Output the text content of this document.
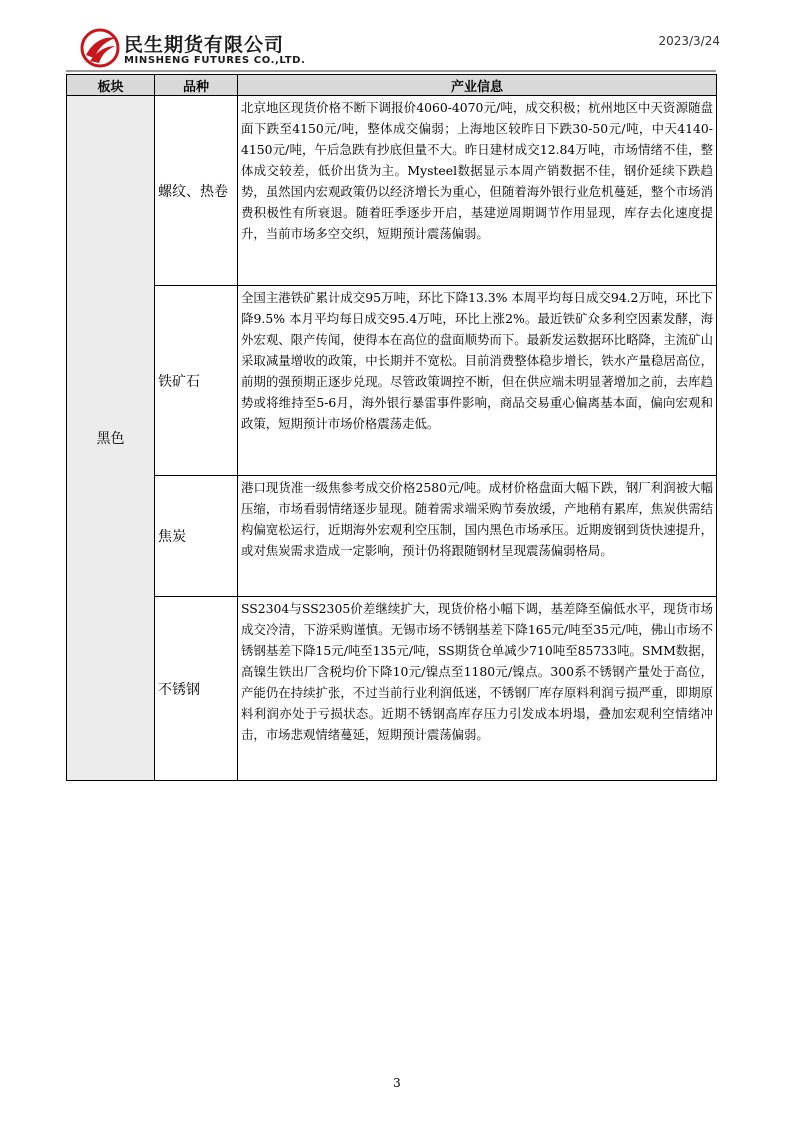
民生期货有限公司
MINSHENG FUTURES CO.,LTD.
2023/3/24
板块	品种	产业信息
黑色	螺纹、热卷	北京地区现货价格不断下调报价4060-4070元/吨，成交积极；杭州地区中天资源随盘面下跌至4150元/吨，整体成交偏弱；上海地区较昨日下跌30-50元/吨，中天4140-4150元/吨，午后急跌有抄底但量不大。昨日建材成交12.84万吨，市场情绪不佳，整体成交较差，低价出货为主。Mysteel数据显示本周产销数据不佳，钢价延续下跌趋势，虽然国内宏观政策仍以经济增长为重心，但随着海外银行业危机蔓延，整个市场消费积极性有所衰退。随着旺季逐步开启，基建逆周期调节作用显现，库存去化速度提升，当前市场多空交织，短期预计震荡偏弱。
	铁矿石	全国主港铁矿累计成交95万吨，环比下降13.3% 本周平均每日成交94.2万吨，环比下降9.5% 本月平均每日成交95.4万吨，环比上涨2%。最近铁矿众多利空因素发酵，海外宏观、限产传闻，使得本在高位的盘面顺势而下。最新发运数据环比略降，主流矿山采取减量增收的政策，中长期并不宽松。目前消费整体稳步增长，铁水产量稳居高位，前期的强预期正逐步兑现。尽管政策调控不断，但在供应端未明显著增加之前，去库趋势或将维持至5-6月，海外银行暴雷事件影响，商品交易重心偏离基本面，偏向宏观和政策，短期预计市场价格震荡走低。
	焦炭	港口现货准一级焦参考成交价格2580元/吨。成材价格盘面大幅下跌，钢厂利润被大幅压缩，市场看弱情绪逐步显现。随着需求端采购节奏放缓，产地稍有累库，焦炭供需结构偏宽松运行，近期海外宏观利空压制，国内黑色市场承压。近期废钢到货快速提升，或对焦炭需求造成一定影响，预计仍将跟随钢材呈现震荡偏弱格局。
	不锈钢	SS2304与SS2305价差继续扩大，现货价格小幅下调，基差降至偏低水平，现货市场成交冷清，下游采购谨慎。无锡市场不锈钢基差下降165元/吨至35元/吨，佛山市场不锈钢基差下降15元/吨至135元/吨，SS期货仓单减少710吨至85733吨。SMM数据，高镍生铁出厂含税均价下降10元/镍点至1180元/镍点。300系不锈钢产量处于高位，产能仍在持续扩张，不过当前行业利润低迷，不锈钢厂库存原料利润亏损严重，即期原料利润亦处于亏损状态。近期不锈钢高库存压力引发成本坍塌，叠加宏观利空情绪冲击，市场悲观情绪蔓延，短期预计震荡偏弱。
3
